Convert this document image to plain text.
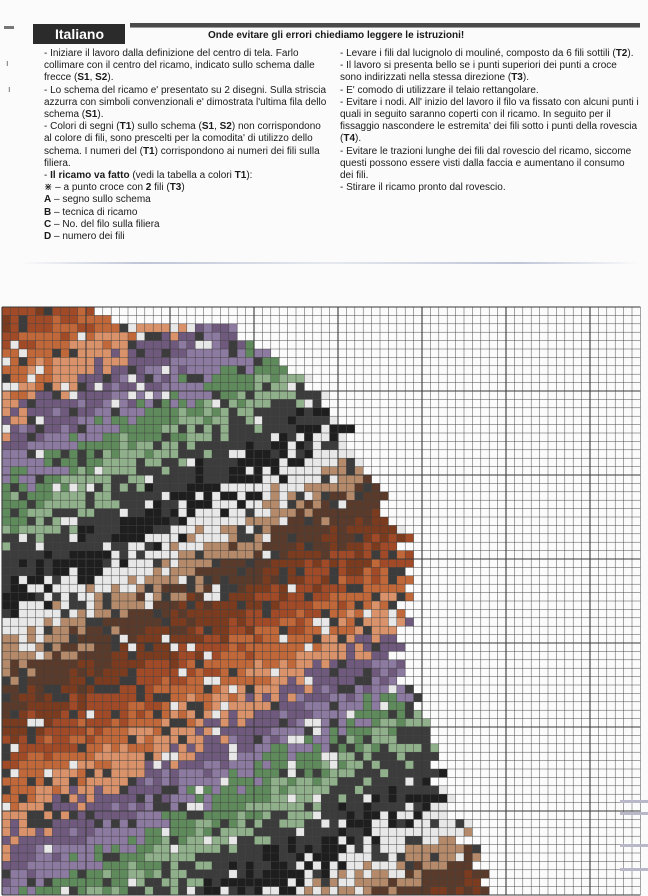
ı
ı
Italiano	Onde evitare gli errori chiediamo leggere le istruzioni!

- Iniziare il lavoro dalla definizione del centro di tela. Farlo collimare con il centro del ricamo, indicato sullo schema dalle frecce (S1, S2).

- Lo schema del ricamo e' presentato su 2 disegni. Sulla striscia azzurra con simboli convenzionali e' dimostrata l'ultima fila dello schema (S1).

- Colori di segni (T1) sullo schema (S1, S2) non corrispondono al colore di fili, sono prescelti per la comodita' di utilizzo dello schema. I numeri del (T1) corrispondono ai numeri dei fili sulla filiera.

- Il ricamo va fatto (vedi la tabella a colori T1):

⋇ – a punto croce con 2 fili (T3)

A – segno sullo schema

B – tecnica di ricamo

C – No. del filo sulla filiera

D – numero dei fili

- Levare i fili dal lucignolo di mouliné, composto da 6 fili sottili (T2).

- Il lavoro si presenta bello se i punti superiori dei punti a croce sono indirizzati nella stessa direzione (T3).

- E' comodo di utilizzare il telaio rettangolare.

- Evitare i nodi. All' inizio del lavoro il filo va fissato con alcuni punti i quali in seguito saranno coperti con il ricamo. In seguito per il fissaggio nascondere le estremita' dei fili sotto i punti della rovescia (T4).

- Evitare le trazioni lunghe dei fili dal rovescio del ricamo, siccome questi possono essere visti dalla faccia e aumentano il consumo dei fili.

- Stirare il ricamo pronto dal rovescio.
